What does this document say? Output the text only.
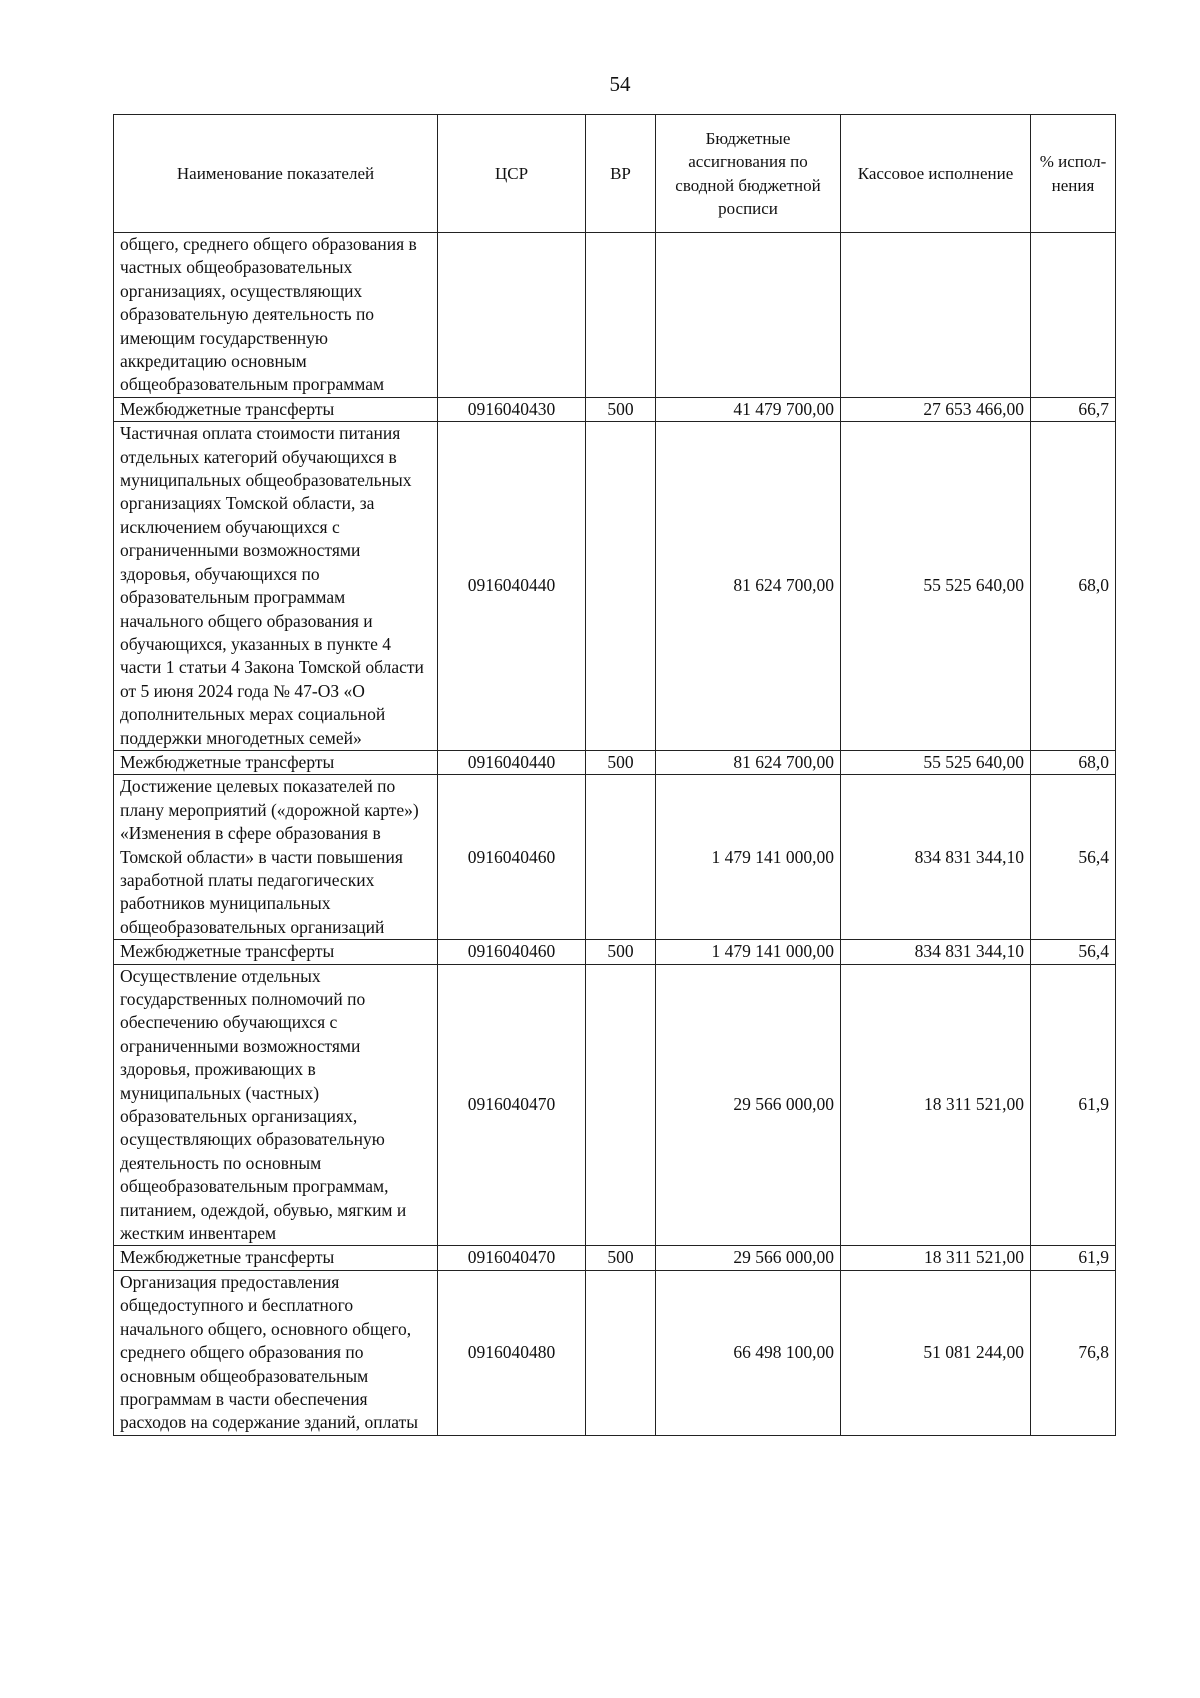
54
Наименование показателей	ЦСР	ВР	Бюджетные ассигнования по сводной бюджетной росписи	Кассовое исполнение	% испол-нения
общего, среднего общего образования в частных общеобразовательных организациях, осуществляющих образовательную деятельность по имеющим государственную аккредитацию основным общеобразовательным программам					
Межбюджетные трансферты	0916040430	500	41 479 700,00	27 653 466,00	66,7
Частичная оплата стоимости питания отдельных категорий обучающихся в муниципальных общеобразовательных организациях Томской области, за исключением обучающихся с ограниченными возможностями здоровья, обучающихся по образовательным программам начального общего образования и обучающихся, указанных в пункте 4 части 1 статьи 4 Закона Томской области от 5 июня 2024 года № 47-ОЗ «О дополнительных мерах социальной поддержки многодетных семей»	0916040440		81 624 700,00	55 525 640,00	68,0
Межбюджетные трансферты	0916040440	500	81 624 700,00	55 525 640,00	68,0
Достижение целевых показателей по плану мероприятий («дорожной карте») «Изменения в сфере образования в Томской области» в части повышения заработной платы педагогических работников муниципальных общеобразовательных организаций	0916040460		1 479 141 000,00	834 831 344,10	56,4
Межбюджетные трансферты	0916040460	500	1 479 141 000,00	834 831 344,10	56,4
Осуществление отдельных государственных полномочий по обеспечению обучающихся с ограниченными возможностями здоровья, проживающих в муниципальных (частных) образовательных организациях, осуществляющих образовательную деятельность по основным общеобразовательным программам, питанием, одеждой, обувью, мягким и жестким инвентарем	0916040470		29 566 000,00	18 311 521,00	61,9
Межбюджетные трансферты	0916040470	500	29 566 000,00	18 311 521,00	61,9
Организация предоставления общедоступного и бесплатного начального общего, основного общего, среднего общего образования по основным общеобразовательным программам в части обеспечения расходов на содержание зданий, оплаты	0916040480		66 498 100,00	51 081 244,00	76,8
